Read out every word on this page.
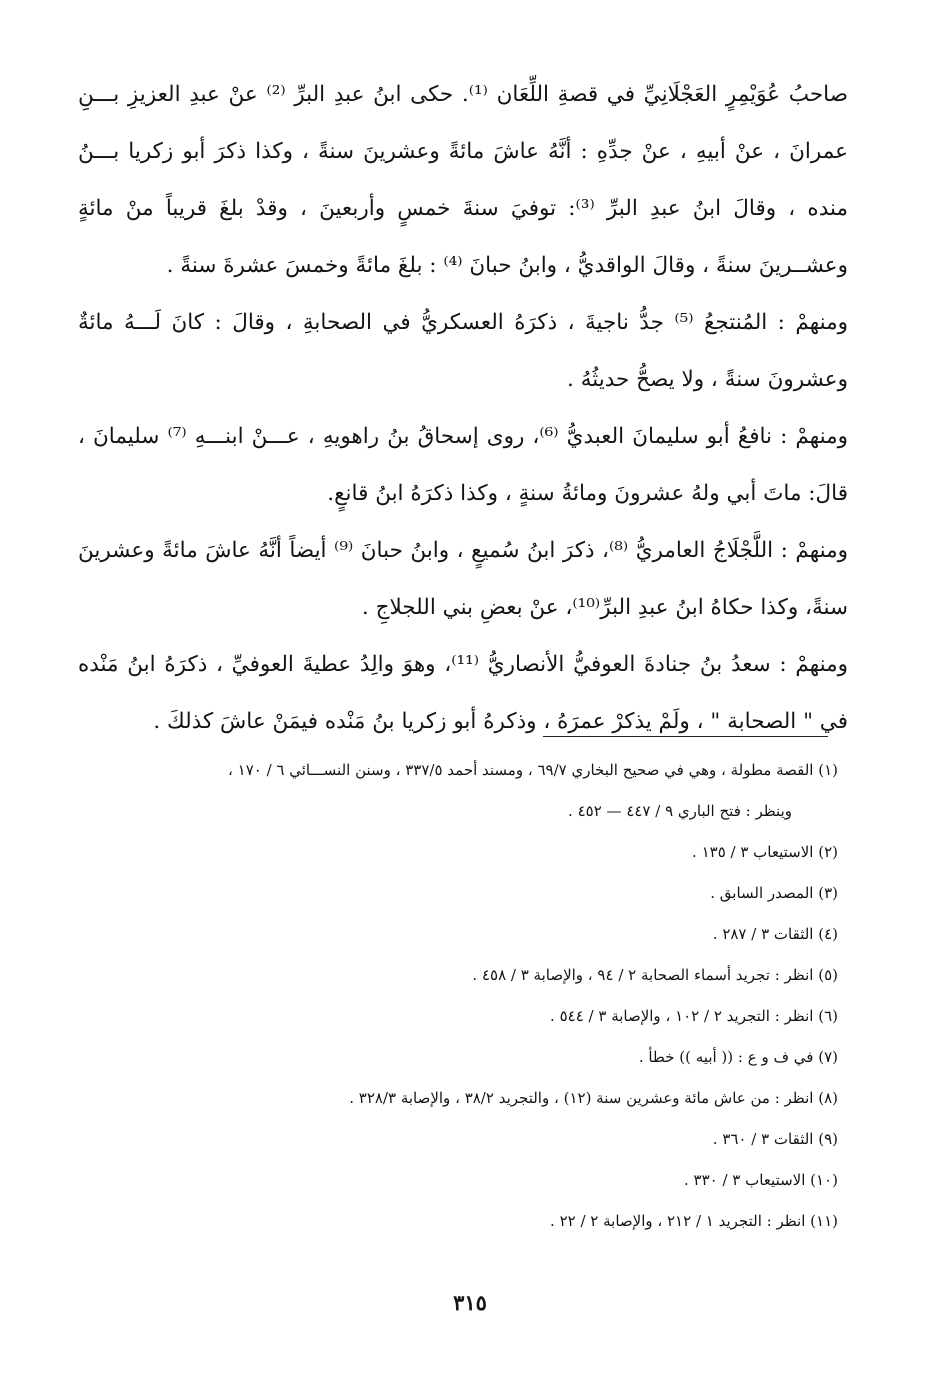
صاحبُ عُوَيْمِرٍ العَجْلَانِيِّ في قصةِ اللِّعَان ⁽¹⁾. حكى ابنُ عبدِ البرِّ ⁽²⁾ عنْ عبدِ العزيزِ بـــنِ عمرانَ ، عنْ أبيهِ ، عنْ جدِّهِ : أنَّهُ عاشَ مائةً وعشرينَ سنةً ، وكذا ذكرَ أبو زكريا بـــنُ منده ، وقالَ ابنُ عبدِ البرِّ ⁽³⁾: توفيَ سنةَ خمسٍ وأربعينَ ، وقدْ بلغَ قريباً منْ مائةٍ وعشــرينَ سنةً ، وقالَ الواقديُّ ، وابنُ حبانَ ⁽⁴⁾ : بلغَ مائةً وخمسَ عشرةَ سنةً .

ومنهمْ : المُنتجعُ ⁽⁵⁾ جدُّ ناجيةَ ، ذكرَهُ العسكريُّ في الصحابةِ ، وقالَ : كانَ لَـــهُ مائةٌ وعشرونَ سنةً ، ولا يصحُّ حديثُهُ .

ومنهمْ : نافعُ أبو سليمانَ العبديُّ ⁽⁶⁾، روى إسحاقُ بنُ راهويهِ ، عـــنْ ابنـــهِ ⁽⁷⁾ سليمانَ ، قالَ: ماتَ أبي ولهُ عشرونَ ومائةُ سنةٍ ، وكذا ذكرَهُ ابنُ قانعٍ.

ومنهمْ : اللَّجْلَاجُ العامريُّ ⁽⁸⁾، ذكرَ ابنُ سُميعٍ ، وابنُ حبانَ ⁽⁹⁾ أيضاً أنَّهُ عاشَ مائةً وعشرينَ سنةً، وكذا حكاهُ ابنُ عبدِ البرِّ⁽¹⁰⁾، عنْ بعضِ بني اللجلاجِ .

ومنهمْ : سعدُ بنُ جنادةَ العوفيُّ الأنصاريُّ ⁽¹¹⁾، وهوَ والِدُ عطيةَ العوفيِّ ، ذكرَهُ ابنُ مَنْده في " الصحابة " ، ولَمْ يذكرْ عمرَهُ ، وذكرهُ أبو زكريا بنُ مَنْده فيمَنْ عاشَ كذلكَ .

(١) القصة مطولة ، وهي في صحيح البخاري ٦٩/٧ ، ومسند أحمد ٣٣٧/٥ ، وسنن النســـائي ٦ / ١٧٠ ،
وينظر : فتح الباري ٩ / ٤٤٧ — ٤٥٢ .
(٢) الاستيعاب ٣ / ١٣٥ .
(٣) المصدر السابق .
(٤) الثقات ٣ / ٢٨٧ .
(٥) انظر : تجريد أسماء الصحابة ٢ / ٩٤ ، والإصابة ٣ / ٤٥٨ .
(٦) انظر : التجريد ٢ / ١٠٢ ، والإصابة ٣ / ٥٤٤ .
(٧) في ف و ع : (( أبيه )) خطأ .
(٨) انظر : من عاش مائة وعشرين سنة (١٢) ، والتجريد ٣٨/٢ ، والإصابة ٣٢٨/٣ .
(٩) الثقات ٣ / ٣٦٠ .
(١٠) الاستيعاب ٣ / ٣٣٠ .
(١١) انظر : التجريد ١ / ٢١٢ ، والإصابة ٢ / ٢٢ .
٣١٥
